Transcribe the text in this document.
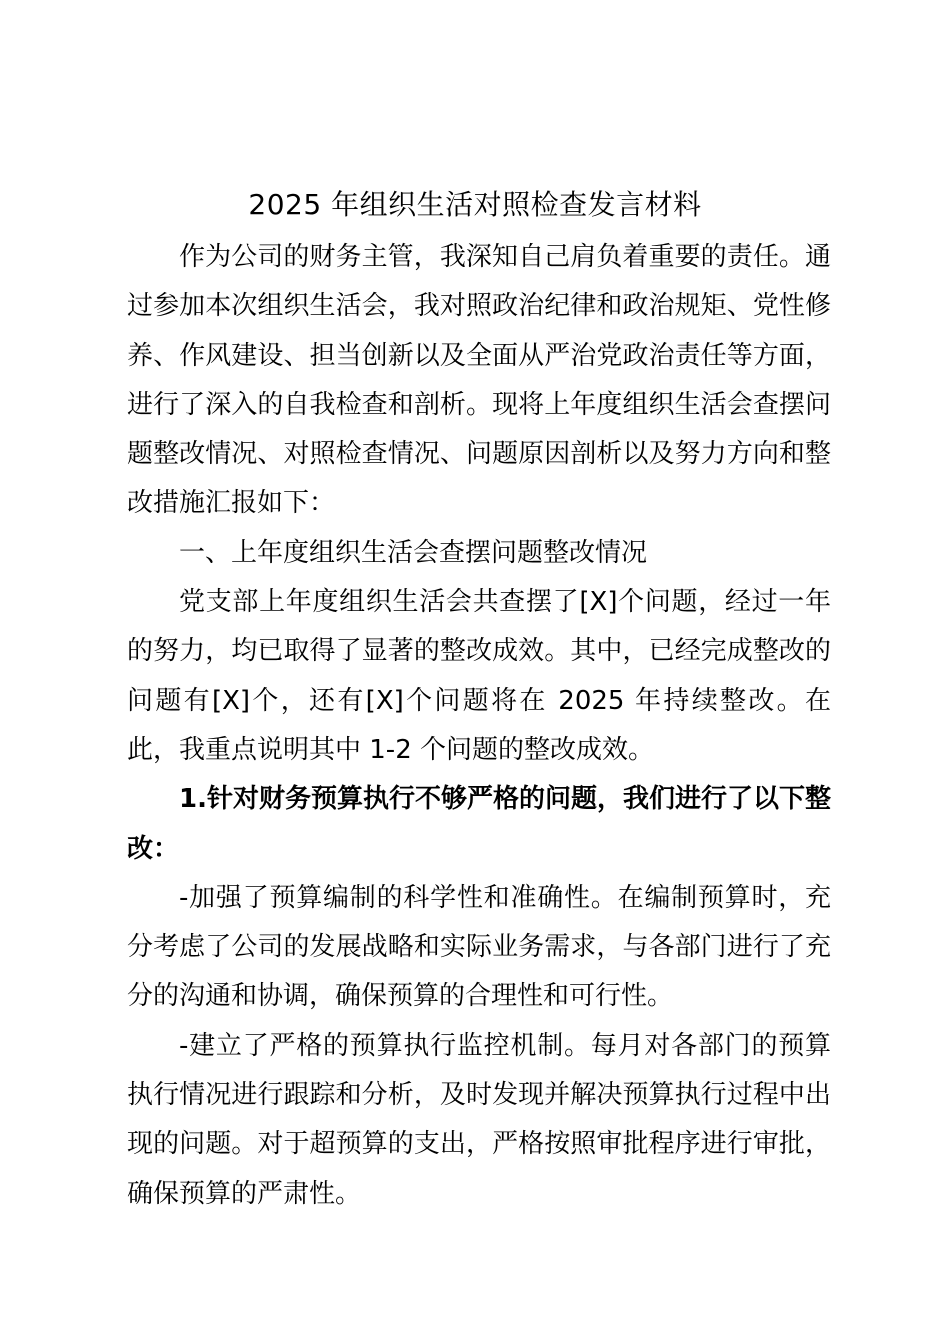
2025 年组织生活对照检查发言材料

作为公司的财务主管，我深知自己肩负着重要的责任。通过参加本次组织生活会，我对照政治纪律和政治规矩、党性修养、作风建设、担当创新以及全面从严治党政治责任等方面，进行了深入的自我检查和剖析。现将上年度组织生活会查摆问题整改情况、对照检查情况、问题原因剖析以及努力方向和整改措施汇报如下：

一、上年度组织生活会查摆问题整改情况

党支部上年度组织生活会共查摆了[X]个问题，经过一年的努力，均已取得了显著的整改成效。其中，已经完成整改的问题有[X]个，还有[X]个问题将在 2025 年持续整改。在此，我重点说明其中 1-2 个问题的整改成效。

1.针对财务预算执行不够严格的问题，我们进行了以下整改：

-加强了预算编制的科学性和准确性。在编制预算时，充分考虑了公司的发展战略和实际业务需求，与各部门进行了充分的沟通和协调，确保预算的合理性和可行性。

-建立了严格的预算执行监控机制。每月对各部门的预算执行情况进行跟踪和分析，及时发现并解决预算执行过程中出现的问题。对于超预算的支出，严格按照审批程序进行审批，确保预算的严肃性。
